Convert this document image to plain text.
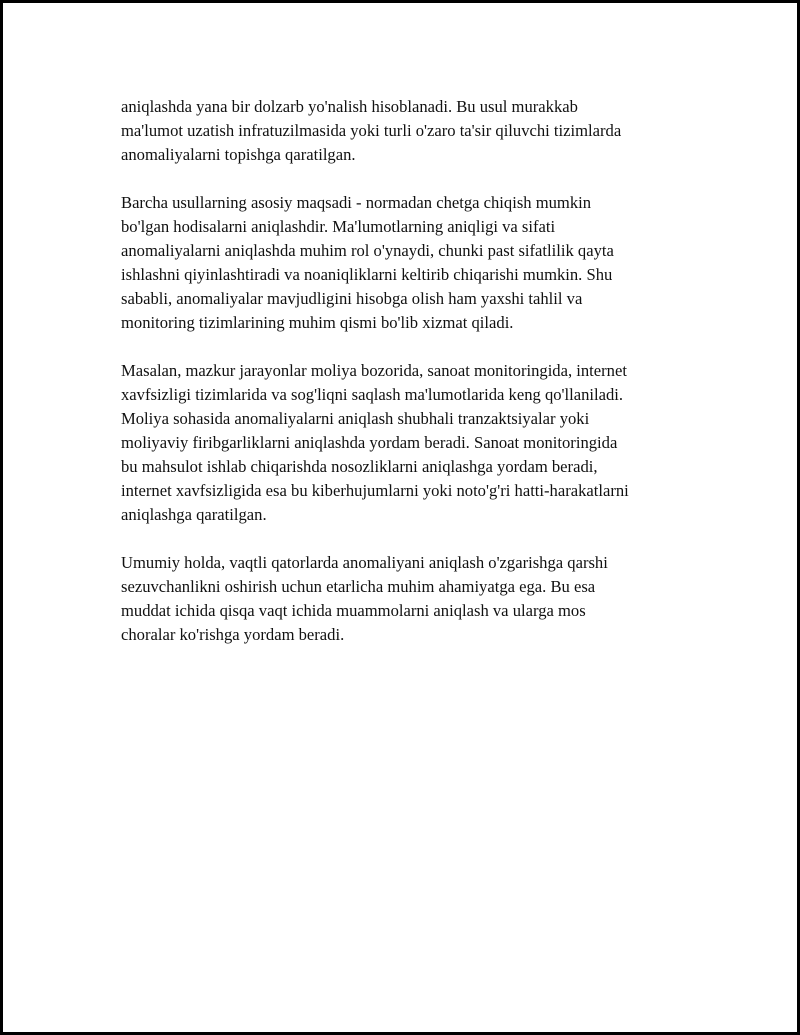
aniqlashda yana bir dolzarb yo'nalish hisoblanadi. Bu usul murakkab
ma'lumot uzatish infratuzilmasida yoki turli o'zaro ta'sir qiluvchi tizimlarda
anomaliyalarni topishga qaratilgan.

Barcha usullarning asosiy maqsadi - normadan chetga chiqish mumkin
bo'lgan hodisalarni aniqlashdir. Ma'lumotlarning aniqligi va sifati
anomaliyalarni aniqlashda muhim rol o'ynaydi, chunki past sifatlilik qayta
ishlashni qiyinlashtiradi va noaniqliklarni keltirib chiqarishi mumkin. Shu
sababli, anomaliyalar mavjudligini hisobga olish ham yaxshi tahlil va
monitoring tizimlarining muhim qismi bo'lib xizmat qiladi.

Masalan, mazkur jarayonlar moliya bozorida, sanoat monitoringida, internet
xavfsizligi tizimlarida va sog'liqni saqlash ma'lumotlarida keng qo'llaniladi.
Moliya sohasida anomaliyalarni aniqlash shubhali tranzaktsiyalar yoki
moliyaviy firibgarliklarni aniqlashda yordam beradi. Sanoat monitoringida
bu mahsulot ishlab chiqarishda nosozliklarni aniqlashga yordam beradi,
internet xavfsizligida esa bu kiberhujumlarni yoki noto'g'ri hatti-harakatlarni
aniqlashga qaratilgan.

Umumiy holda, vaqtli qatorlarda anomaliyani aniqlash o'zgarishga qarshi
sezuvchanlikni oshirish uchun etarlicha muhim ahamiyatga ega. Bu esa
muddat ichida qisqa vaqt ichida muammolarni aniqlash va ularga mos
choralar ko'rishga yordam beradi.
